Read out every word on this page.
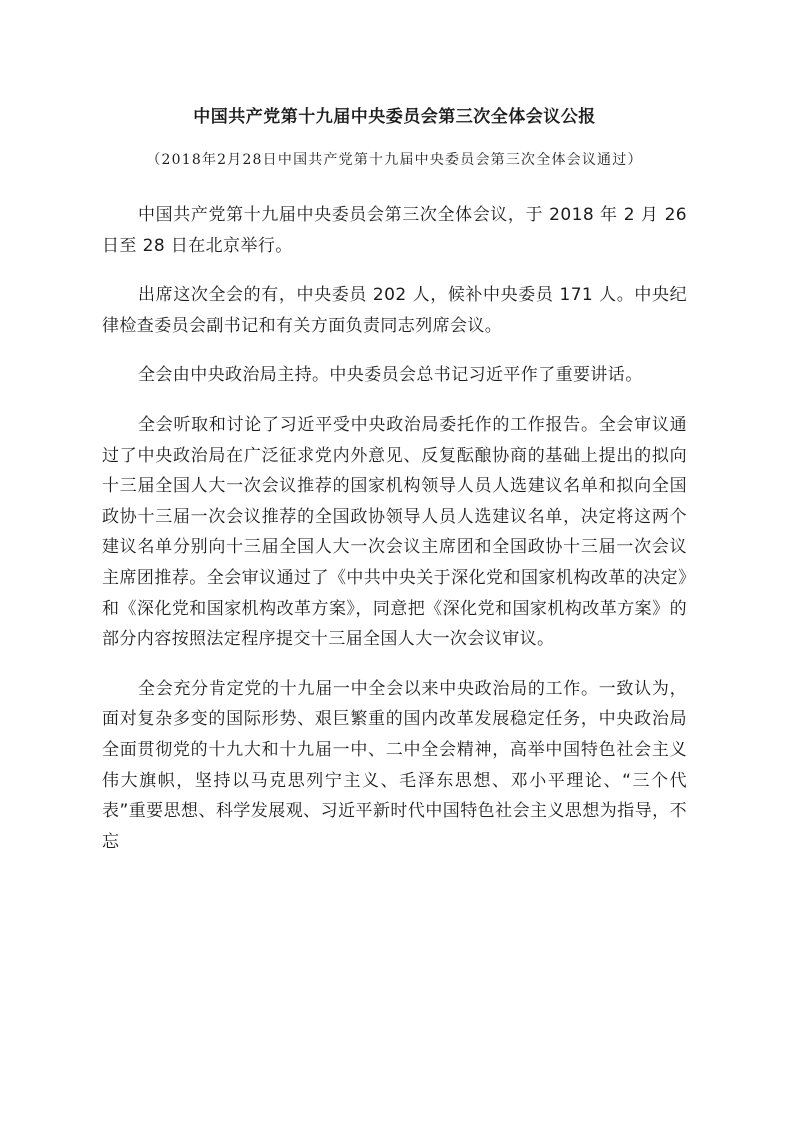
中国共产党第十九届中央委员会第三次全体会议公报
（2018年2月28日中国共产党第十九届中央委员会第三次全体会议通过）

中国共产党第十九届中央委员会第三次全体会议，于 2018 年 2 月 26 日至 28 日在北京举行。

出席这次全会的有，中央委员 202 人，候补中央委员 171 人。中央纪律检查委员会副书记和有关方面负责同志列席会议。

全会由中央政治局主持。中央委员会总书记习近平作了重要讲话。

全会听取和讨论了习近平受中央政治局委托作的工作报告。全会审议通过了中央政治局在广泛征求党内外意见、反复酝酿协商的基础上提出的拟向十三届全国人大一次会议推荐的国家机构领导人员人选建议名单和拟向全国政协十三届一次会议推荐的全国政协领导人员人选建议名单，决定将这两个建议名单分别向十三届全国人大一次会议主席团和全国政协十三届一次会议主席团推荐。全会审议通过了《中共中央关于深化党和国家机构改革的决定》和《深化党和国家机构改革方案》，同意把《深化党和国家机构改革方案》的部分内容按照法定程序提交十三届全国人大一次会议审议。

全会充分肯定党的十九届一中全会以来中央政治局的工作。一致认为，面对复杂多变的国际形势、艰巨繁重的国内改革发展稳定任务，中央政治局全面贯彻党的十九大和十九届一中、二中全会精神，高举中国特色社会主义伟大旗帜，坚持以马克思列宁主义、毛泽东思想、邓小平理论、“三个代表”重要思想、科学发展观、习近平新时代中国特色社会主义思想为指导，不忘
